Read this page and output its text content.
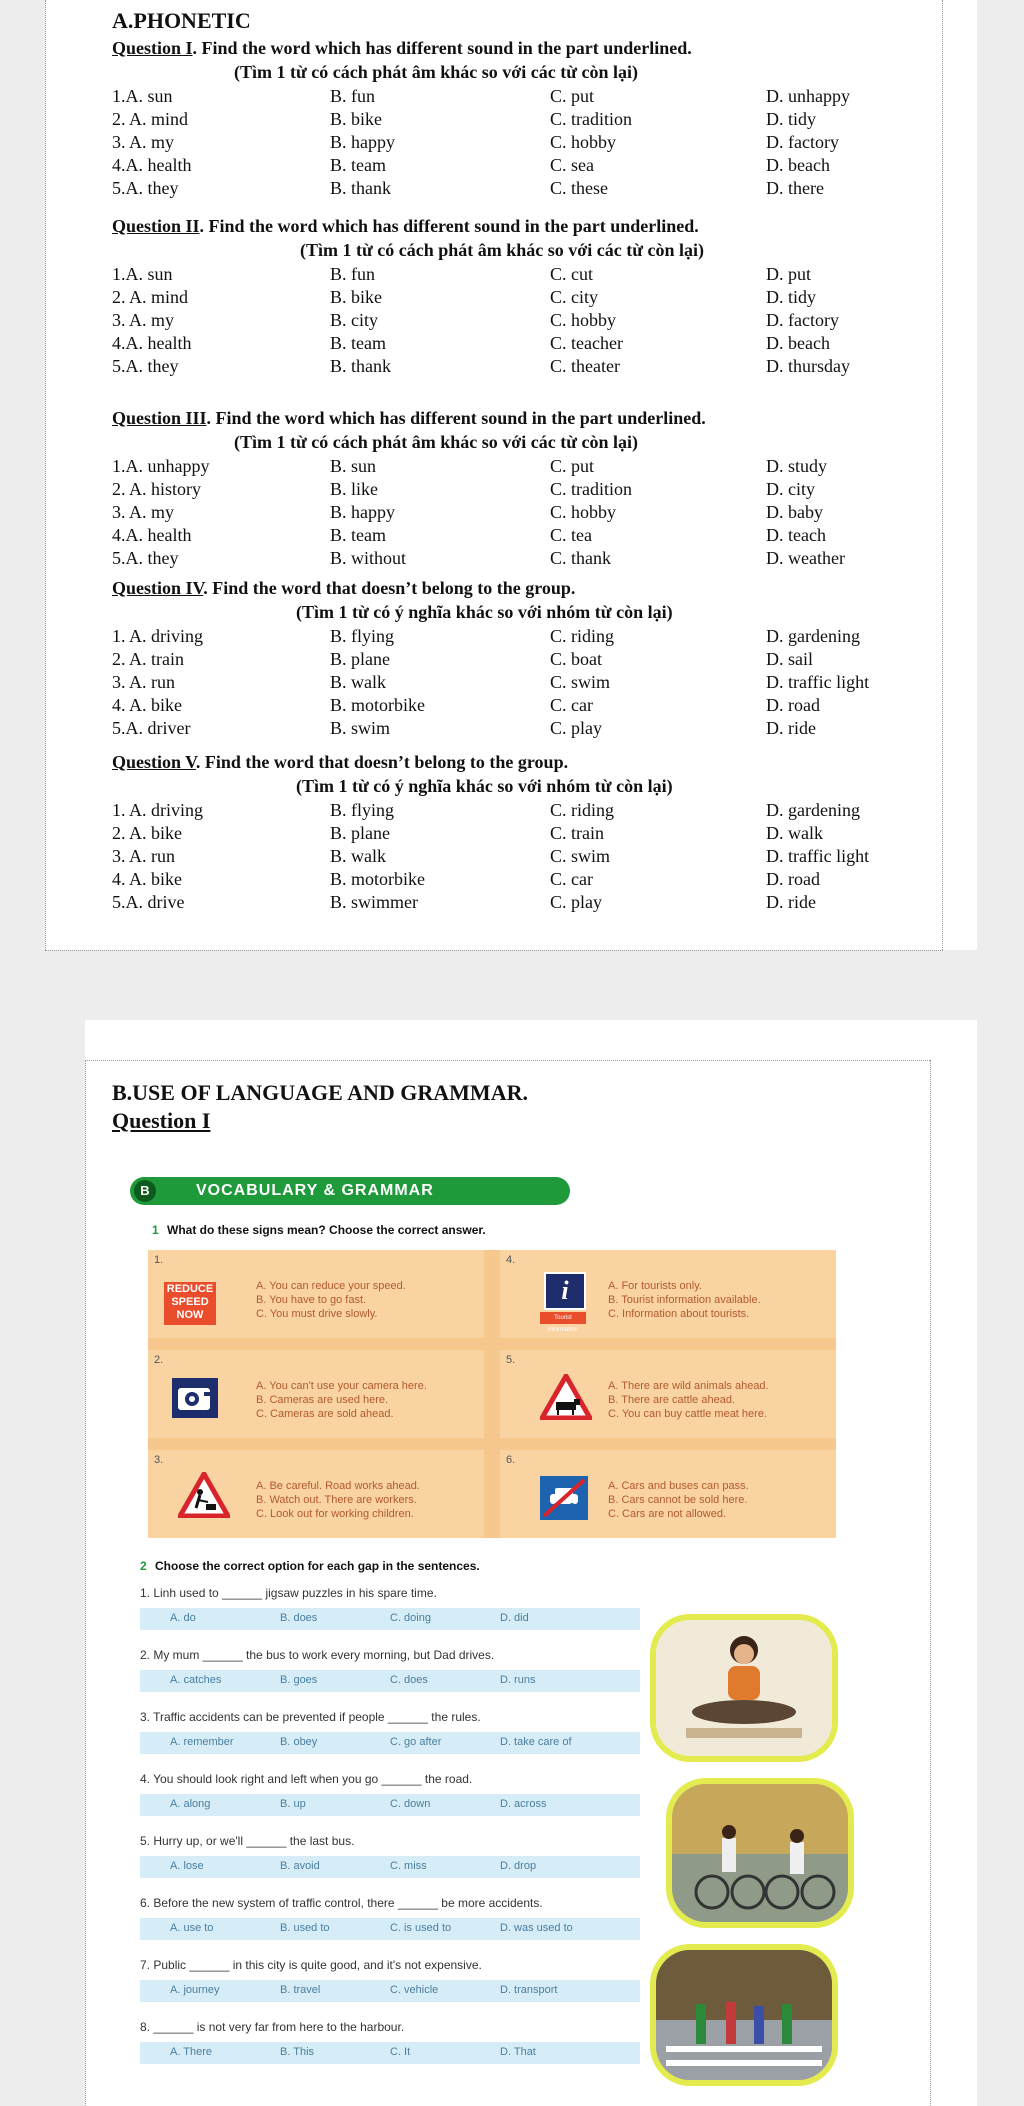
A.PHONETIC
Question I. Find the word which has different sound in the part underlined.
(Tìm 1 từ có cách phát âm khác so với các từ còn lại)
1.A. sun	B. fun	C. put	D. unhappy
2. A. mind	B. bike	C. tradition	D. tidy
3. A. my	B. happy	C. hobby	D. factory
4.A. health	B. team	C. sea	D. beach
5.A. they	B. thank	C. these	D. there
Question II. Find the word which has different sound in the part underlined.
(Tìm 1 từ có cách phát âm khác so với các từ còn lại)
1.A. sun	B. fun	C. cut	D. put
2. A. mind	B. bike	C. city	D. tidy
3. A. my	B. city	C. hobby	D. factory
4.A. health	B. team	C. teacher	D. beach
5.A. they	B. thank	C. theater	D. thursday
Question III. Find the word which has different sound in the part underlined.
(Tìm 1 từ có cách phát âm khác so với các từ còn lại)
1.A. unhappy	B. sun	C. put	D. study
2. A. history	B. like	C. tradition	D. city
3. A. my	B. happy	C. hobby	D. baby
4.A. health	B. team	C. tea	D. teach
5.A. they	B. without	C. thank	D. weather
Question IV. Find the word that doesn’t belong to the group.
(Tìm 1 từ có ý nghĩa khác so với nhóm từ còn lại)
1. A. driving	B. flying	C. riding	D. gardening
2. A. train	B. plane	C. boat	D. sail
3. A. run	B. walk	C. swim	D. traffic light
4. A. bike	B. motorbike	C. car	D. road
5.A. driver	B. swim	C. play	D. ride
Question V. Find the word that doesn’t belong to the group.
(Tìm 1 từ có ý nghĩa khác so với nhóm từ còn lại)
1. A. driving	B. flying	C. riding	D. gardening
2. A. bike	B. plane	C. train	D. walk
3. A. run	B. walk	C. swim	D. traffic light
4. A. bike	B. motorbike	C. car	D. road
5.A. drive	B. swimmer	C. play	D. ride
B.USE OF LANGUAGE AND GRAMMAR.
Question I
B	VOCABULARY & GRAMMAR
1 What do these signs mean? Choose the correct answer.
1.
REDUCE
SPEED
NOW
A. You can reduce your speed.
B. You have to go fast.
C. You must drive slowly.
4.
i
Tourist information
A. For tourists only.
B. Tourist information available.
C. Information about tourists.
2.
A. You can't use your camera here.
B. Cameras are used here.
C. Cameras are sold ahead.
5.
A. There are wild animals ahead.
B. There are cattle ahead.
C. You can buy cattle meat here.
3.
A. Be careful. Road works ahead.
B. Watch out. There are workers.
C. Look out for working children.
6.
A. Cars and buses can pass.
B. Cars cannot be sold here.
C. Cars are not allowed.
2 Choose the correct option for each gap in the sentences.
1. Linh used to ______ jigsaw puzzles in his spare time.
A. do	B. does	C. doing	D. did
2. My mum ______ the bus to work every morning, but Dad drives.
A. catches	B. goes	C. does	D. runs
3. Traffic accidents can be prevented if people ______ the rules.
A. remember	B. obey	C. go after	D. take care of
4. You should look right and left when you go ______ the road.
A. along	B. up	C. down	D. across
5. Hurry up, or we'll ______ the last bus.
A. lose	B. avoid	C. miss	D. drop
6. Before the new system of traffic control, there ______ be more accidents.
A. use to	B. used to	C. is used to	D. was used to
7. Public ______ in this city is quite good, and it's not expensive.
A. journey	B. travel	C. vehicle	D. transport
8. ______ is not very far from here to the harbour.
A. There	B. This	C. It	D. That
